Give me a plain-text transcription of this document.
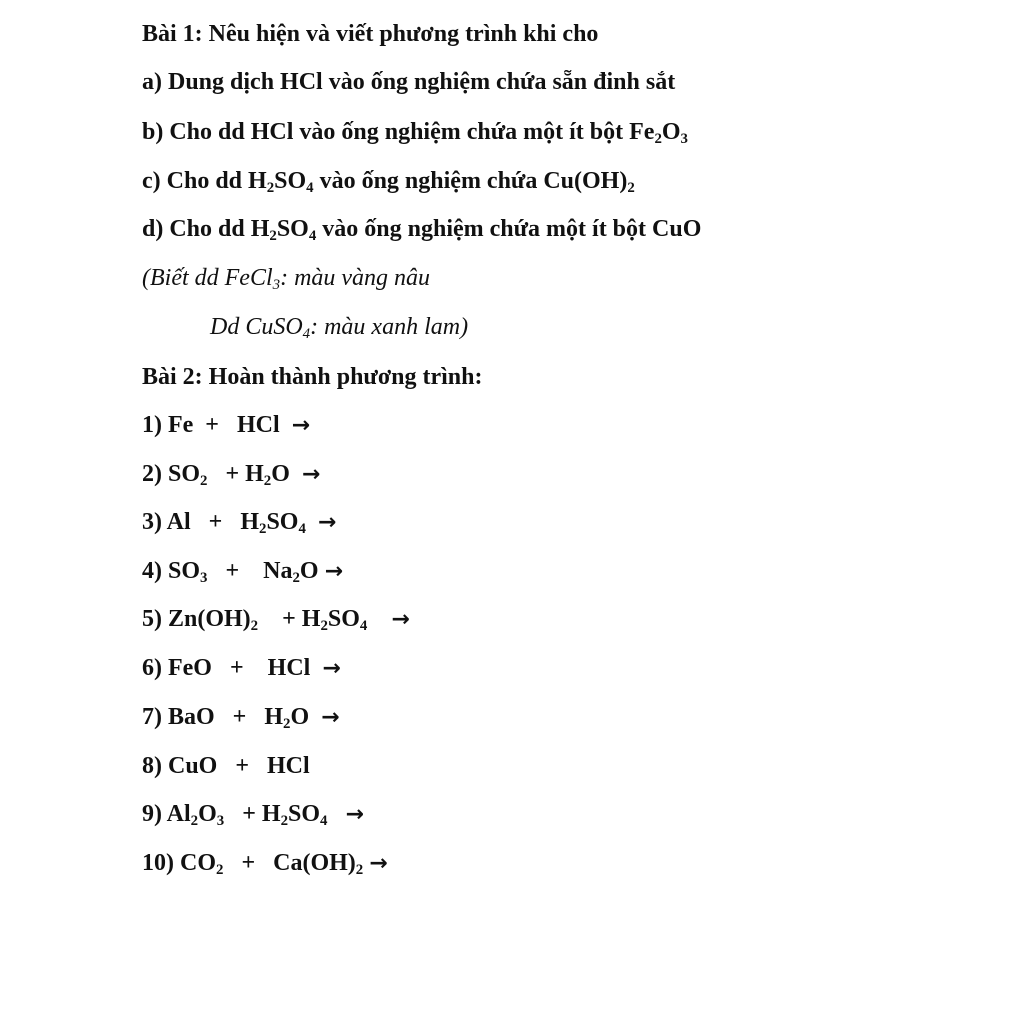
Bài 1: Nêu hiện và viết phương trình khi cho
a) Dung dịch HCl vào ống nghiệm chứa sẵn đinh sắt
b) Cho dd HCl vào ống nghiệm chứa một ít bột $Fe_2O_3$
c) Cho dd $H_2SO_4$ vào ống nghiệm chứa $Cu(OH)_2$
d) Cho dd $H_2SO_4$ vào ống nghiệm chứa một ít bột CuO
(Biết dd FeCl$_3$: màu vàng nâu
Dd CuSO$_4$: màu xanh lam)
Bài 2: Hoàn thành phương trình:
1) Fe  +   HCl →
2) $SO_2 + H_2O$ →
3) $Al + H_2SO_4$ →
4) $SO_3$   +    $Na_2O$ →
5) $Zn(OH)_2$    + $H_2SO_4$ →
6) FeO   +    HCl →
7) BaO   +   $H_2O$ →
8) CuO   +   HCl
9) $Al_2O_3 + H_2SO_4$ →
10) $CO_2 + Ca(OH)_2$ →
